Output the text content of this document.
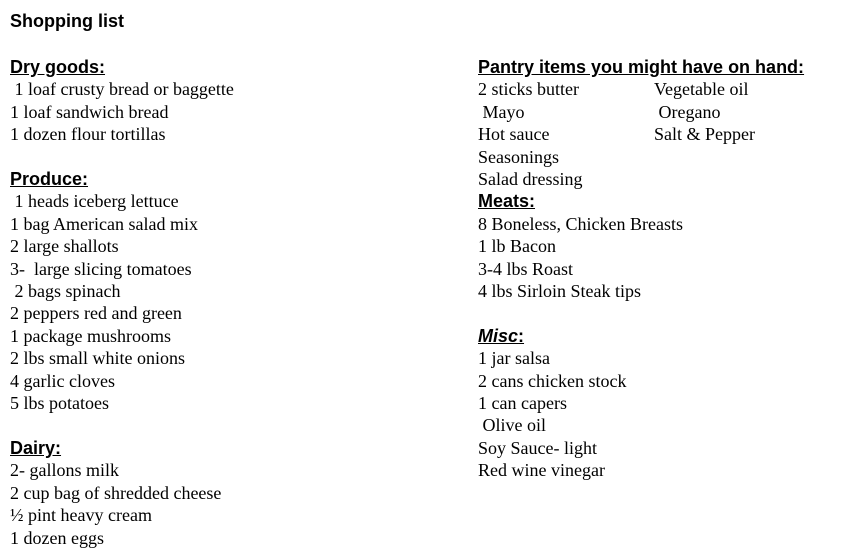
Shopping list
Dry goods:
1 loaf crusty bread or baggette
1 loaf sandwich bread
1 dozen flour tortillas
Produce:
1 heads iceberg lettuce
1 bag American salad mix
2 large shallots
3-  large slicing tomatoes
2 bags spinach
2 peppers red and green
1 package mushrooms
2 lbs small white onions
4 garlic cloves
5 lbs potatoes
Dairy:
2- gallons milk
2 cup bag of shredded cheese
½ pint heavy cream
1 dozen eggs
Pantry items you might have on hand:
2 sticks butter
Mayo
Hot sauce
Seasonings
Salad dressing
Vegetable oil
Oregano
Salt & Pepper
Meats:
8 Boneless, Chicken Breasts
1 lb Bacon
3-4 lbs Roast
4 lbs Sirloin Steak tips
Misc:
1 jar salsa
2 cans chicken stock
1 can capers
Olive oil
Soy Sauce- light
Red wine vinegar
